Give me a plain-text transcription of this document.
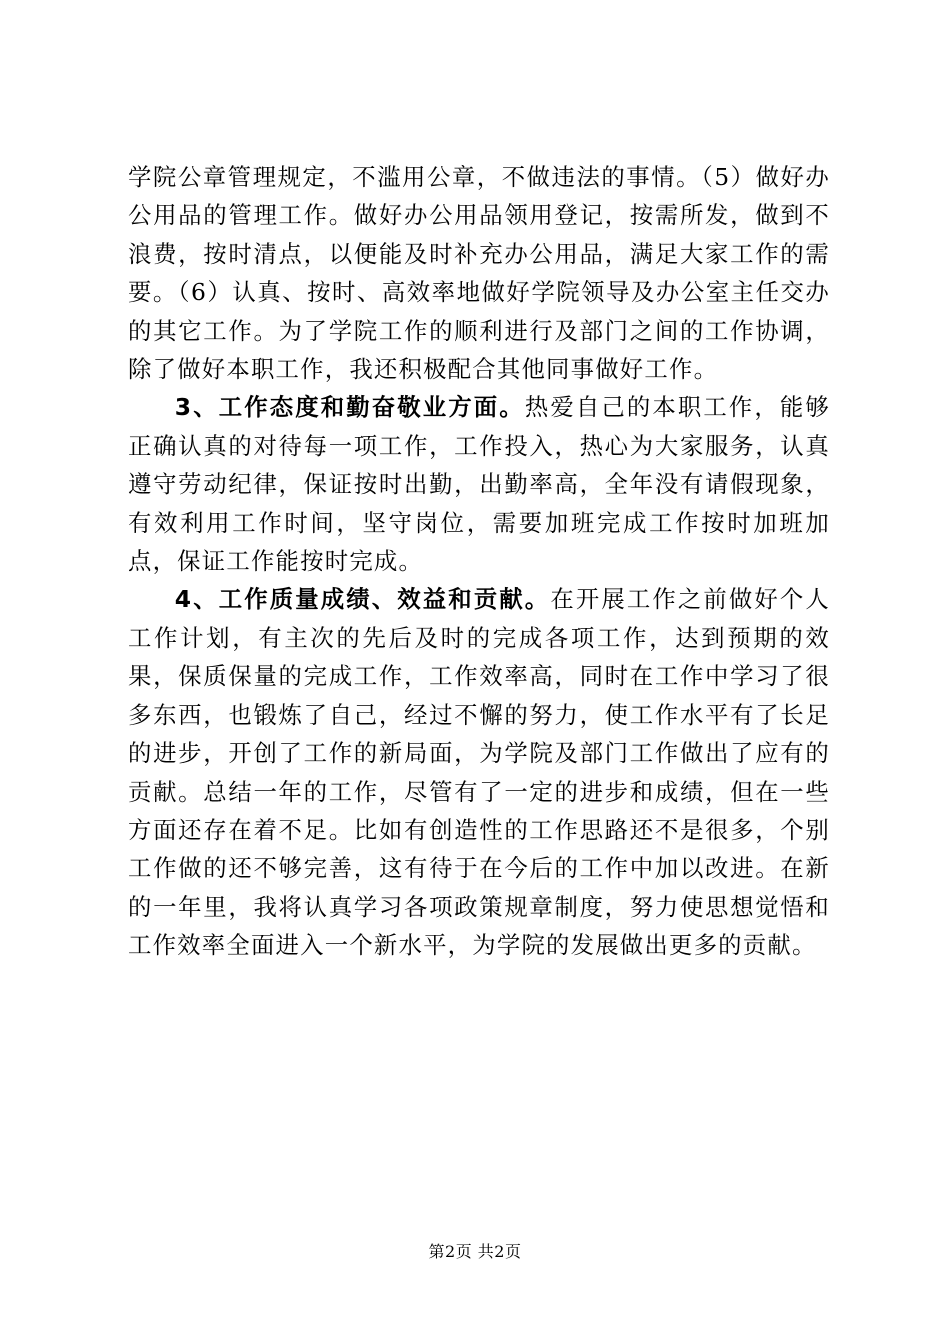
学院公章管理规定，不滥用公章，不做违法的事情。（5）做好办公用品的管理工作。做好办公用品领用登记，按需所发，做到不浪费，按时清点，以便能及时补充办公用品，满足大家工作的需要。（6）认真、按时、高效率地做好学院领导及办公室主任交办的其它工作。为了学院工作的顺利进行及部门之间的工作协调，除了做好本职工作，我还积极配合其他同事做好工作。

3、工作态度和勤奋敬业方面。热爱自己的本职工作，能够正确认真的对待每一项工作，工作投入，热心为大家服务，认真遵守劳动纪律，保证按时出勤，出勤率高，全年没有请假现象，有效利用工作时间，坚守岗位，需要加班完成工作按时加班加点，保证工作能按时完成。

4、工作质量成绩、效益和贡献。在开展工作之前做好个人工作计划，有主次的先后及时的完成各项工作，达到预期的效果，保质保量的完成工作，工作效率高，同时在工作中学习了很多东西，也锻炼了自己，经过不懈的努力，使工作水平有了长足的进步，开创了工作的新局面，为学院及部门工作做出了应有的贡献。总结一年的工作，尽管有了一定的进步和成绩，但在一些方面还存在着不足。比如有创造性的工作思路还不是很多，个别工作做的还不够完善，这有待于在今后的工作中加以改进。在新的一年里，我将认真学习各项政策规章制度，努力使思想觉悟和工作效率全面进入一个新水平，为学院的发展做出更多的贡献。

第2页 共2页
